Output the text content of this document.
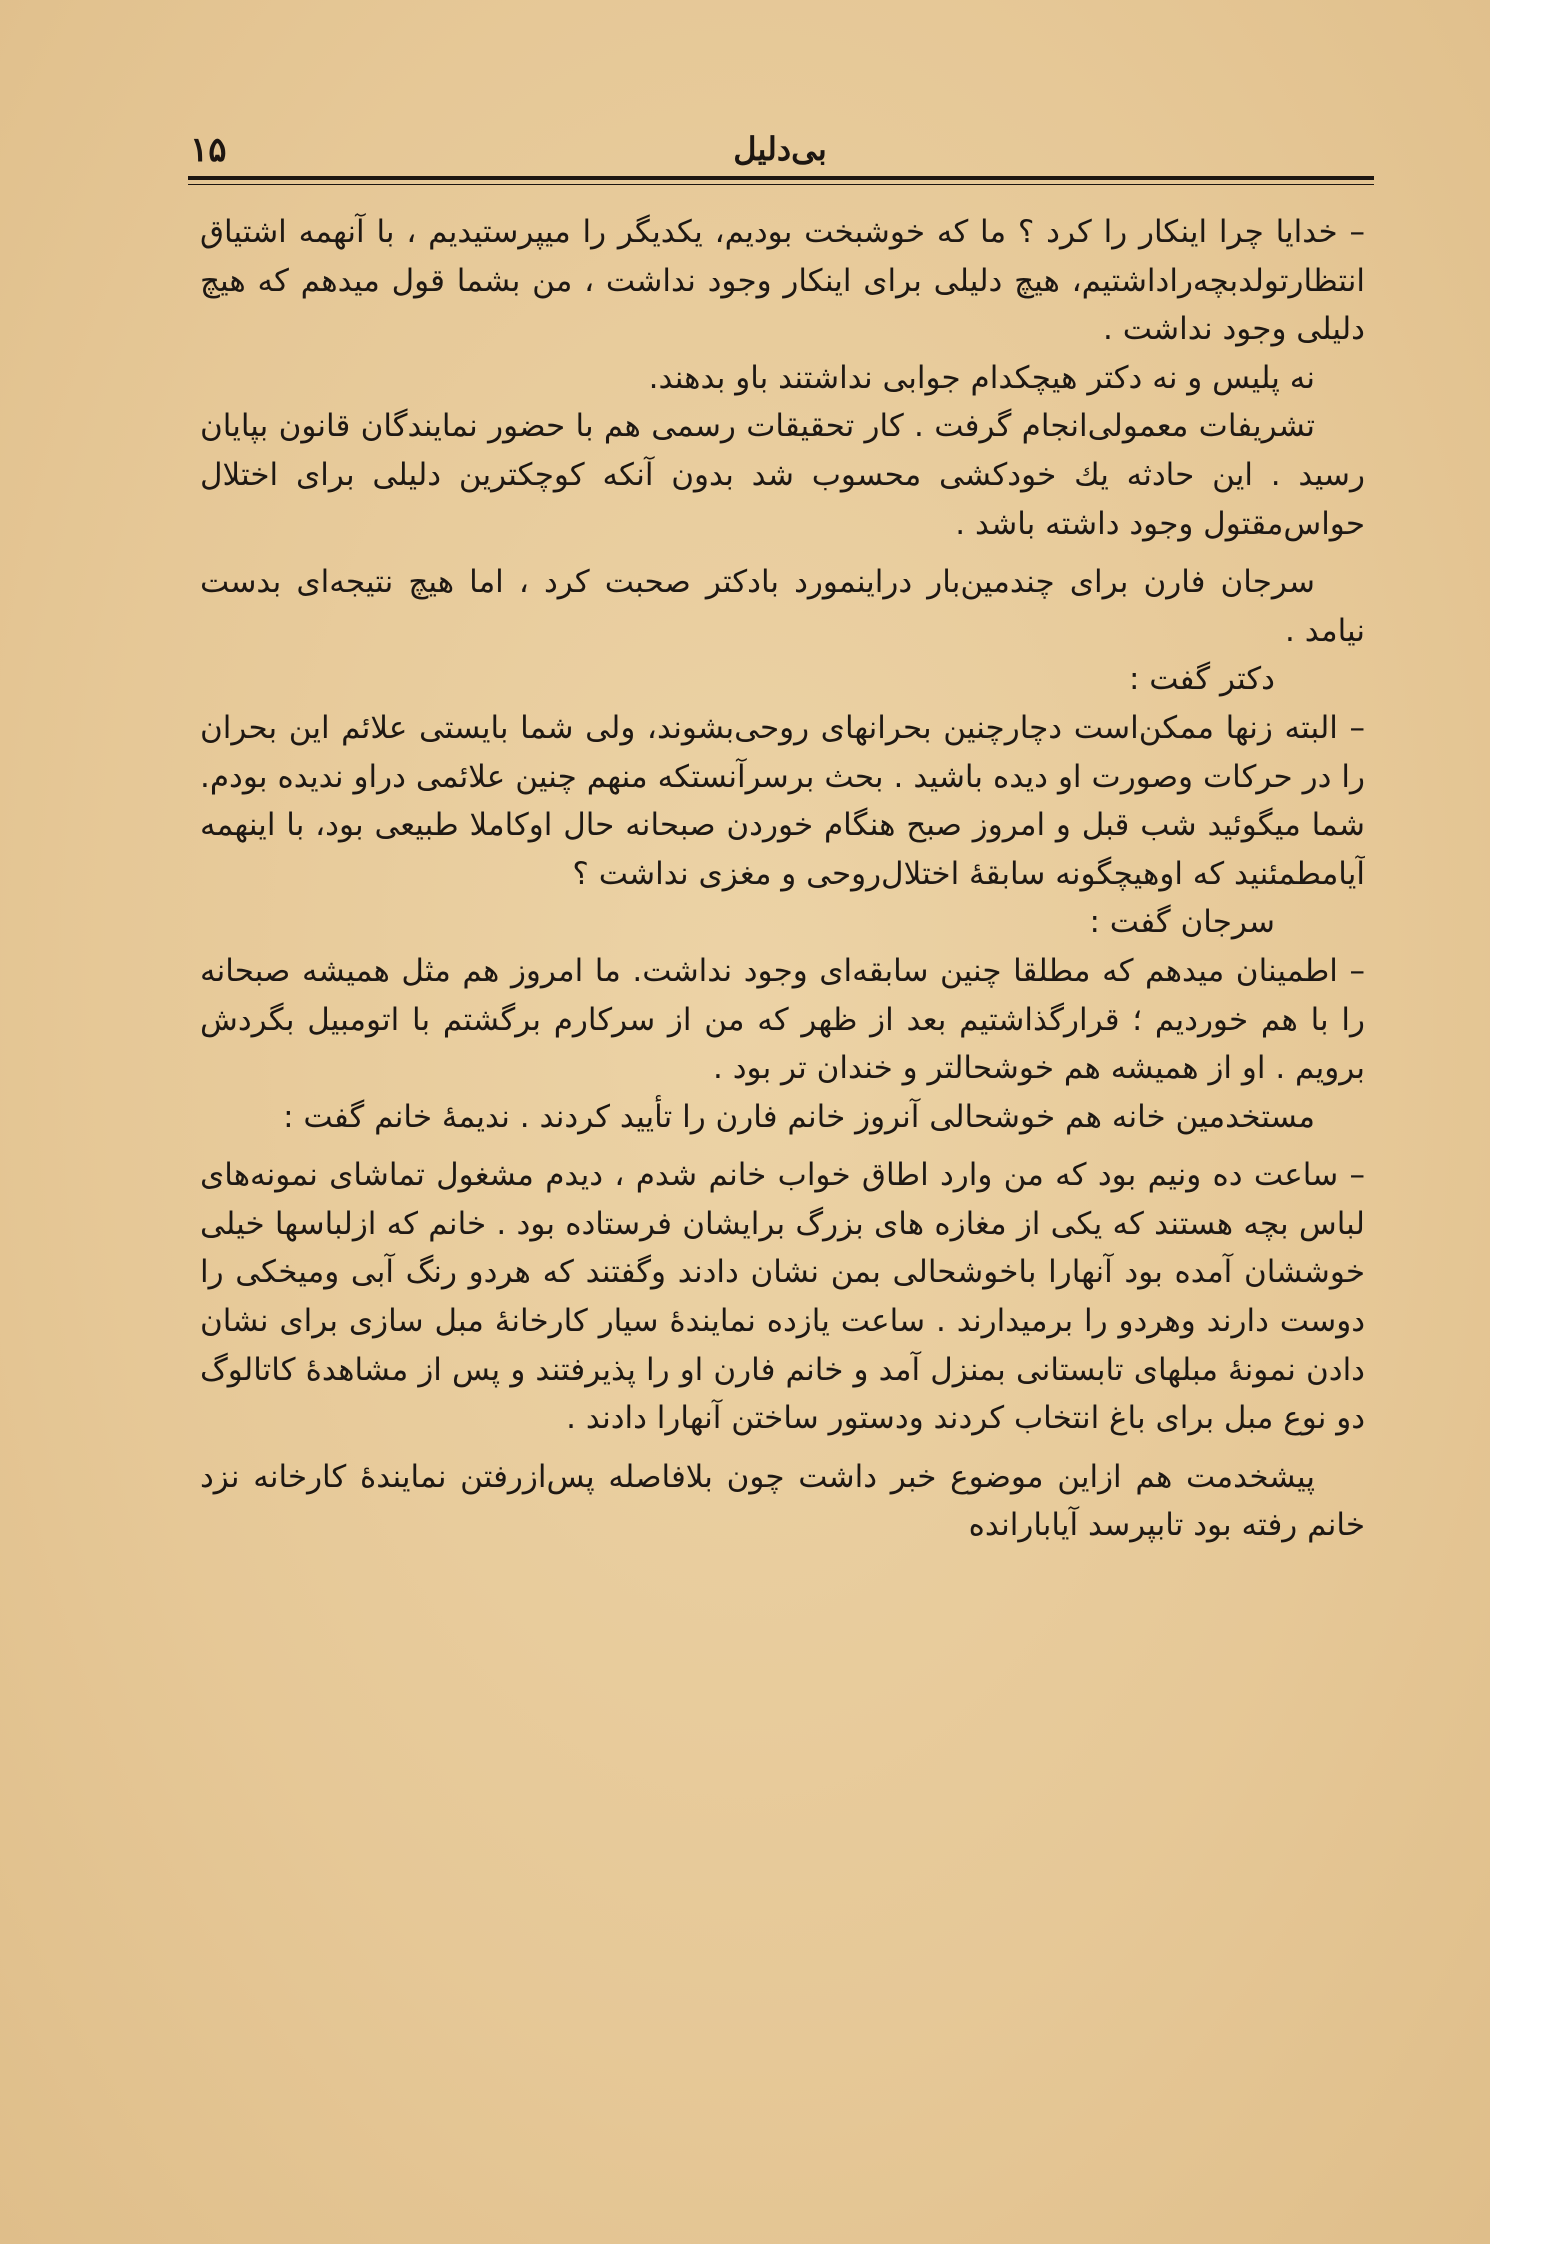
۱۵	بی‌دلیل

– خدایا چرا اینکار را کرد ؟ ما که خوشبخت بودیم، یکدیگر را میپرستیدیم ، با آنهمه اشتیاق انتظارتولدبچه‌راداشتیم، هیچ دلیلی برای اینکار وجود نداشت ، من بشما قول میدهم که هیچ دلیلی وجود نداشت .

نه پلیس و نه دکتر هیچکدام جوابی نداشتند باو بدهند.

تشریفات معمولی‌انجام گرفت . کار تحقیقات رسمی هم با حضور نمایندگان قانون بپایان رسید . این حادثه یك خودکشی محسوب شد بدون آنکه کوچکترین دلیلی برای اختلال حواس‌مقتول وجود داشته باشد .

سرجان فارن برای چندمین‌بار دراینمورد بادکتر صحبت کرد ، اما هیچ نتیجه‌ای بدست نیامد .

دکتر گفت :

– البته زنها ممکن‌است دچارچنین بحرانهای روحی‌بشوند، ولی شما بایستی علائم این بحران را در حرکات وصورت او دیده باشید . بحث برسرآنستکه منهم چنین علائمی دراو ندیده بودم. شما میگوئید شب قبل و امروز صبح هنگام خوردن صبحانه حال اوکاملا طبیعی بود، با اینهمه آیامطمئنید که اوهیچگونه سابقهٔ اختلال‌روحی و مغزی نداشت ؟

سرجان گفت :

– اطمینان میدهم که مطلقا چنین سابقه‌ای وجود نداشت. ما امروز هم مثل همیشه صبحانه را با هم خوردیم ؛ قرارگذاشتیم بعد از ظهر که من از سرکارم برگشتم با اتومبیل بگردش برویم . او از همیشه هم خوشحالتر و خندان تر بود .

مستخدمین خانه هم خوشحالی آنروز خانم فارن را تأیید کردند . ندیمهٔ خانم گفت :

– ساعت ده ونیم بود که من وارد اطاق خواب خانم شدم ، دیدم مشغول تماشای نمونه‌های لباس بچه هستند که یکی از مغازه های بزرگ برایشان فرستاده بود . خانم که ازلباسها خیلی خوششان آمده بود آنهارا باخوشحالی بمن نشان دادند وگفتند که هردو رنگ آبی ومیخکی را دوست دارند وهردو را برمیدارند . ساعت یازده نمایندهٔ سیار کارخانهٔ مبل سازی برای نشان دادن نمونهٔ مبلهای تابستانی بمنزل آمد و خانم فارن او را پذیرفتند و پس از مشاهدهٔ کاتالوگ دو نوع مبل برای باغ انتخاب کردند ودستور ساختن آنهارا دادند .

پیشخدمت هم ازاین موضوع خبر داشت چون بلافاصله پس‌ازرفتن نمایندهٔ کارخانه نزد خانم رفته بود تابپرسد آیابارانده
